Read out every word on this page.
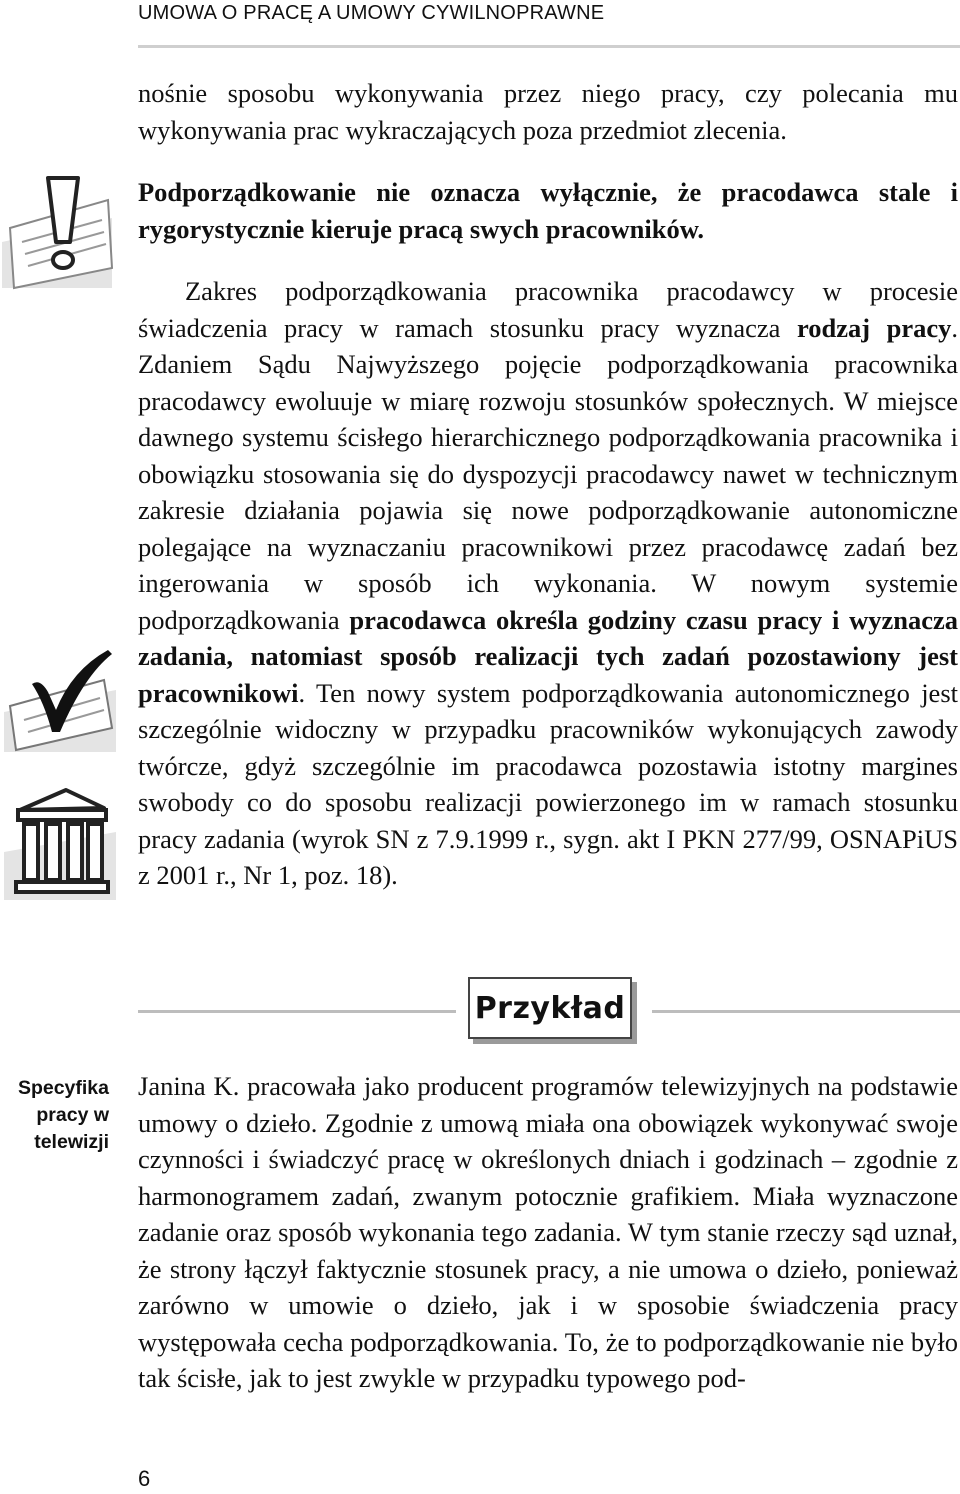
UMOWA O PRACĘ A UMOWY CYWILNOPRAWNE
nośnie sposobu wykonywania przez niego pracy, czy polecania mu wykonywania prac wykraczających poza przedmiot zlecenia.
Podporządkowanie nie oznacza wyłącznie, że pracodawca stale i rygorystycznie kieruje pracą swych pracowników.
Zakres podporządkowania pracownika pracodawcy w procesie świadczenia pracy w ramach stosunku pracy wyznacza rodzaj pracy. Zdaniem Sądu Najwyższego pojęcie podporządkowania pracownika pracodawcy ewoluuje w miarę rozwoju stosunków społecznych. W miejsce dawnego systemu ścisłego hierarchicznego podporządkowania pracownika i obowiązku stosowania się do dyspozycji pracodawcy nawet w technicznym zakresie działania pojawia się nowe podporządkowanie autonomiczne polegające na wyznaczaniu pracownikowi przez pracodawcę zadań bez ingerowania w sposób ich wykonania. W nowym systemie podporządkowania pracodawca określa godziny czasu pracy i wyznacza zadania, natomiast sposób realizacji tych zadań pozostawiony jest pracownikowi. Ten nowy system podporządkowania autonomicznego jest szczególnie widoczny w przypadku pracowników wykonujących zawody twórcze, gdyż szczególnie im pracodawca pozostawia istotny margines swobody co do sposobu realizacji powierzonego im w ramach stosunku pracy zadania (wyrok SN z 7.9.1999 r., sygn. akt I PKN 277/99, OSNAPiUS z 2001 r., Nr 1, poz. 18).
Przykład
Specyfika pracy w telewizji
Janina K. pracowała jako producent programów telewizyjnych na podstawie umowy o dzieło. Zgodnie z umową miała ona obowiązek wykonywać swoje czynności i świadczyć pracę w określonych dniach i godzinach – zgodnie z harmonogramem zadań, zwanym potocznie grafikiem. Miała wyznaczone zadanie oraz sposób wykonania tego zadania. W tym stanie rzeczy sąd uznał, że strony łączył faktycznie stosunek pracy, a nie umowa o dzieło, ponieważ zarówno w umowie o dzieło, jak i w sposobie świadczenia pracy występowała cecha podporządkowania. To, że to podporządkowanie nie było tak ścisłe, jak to jest zwykle w przypadku typowego pod-
6
